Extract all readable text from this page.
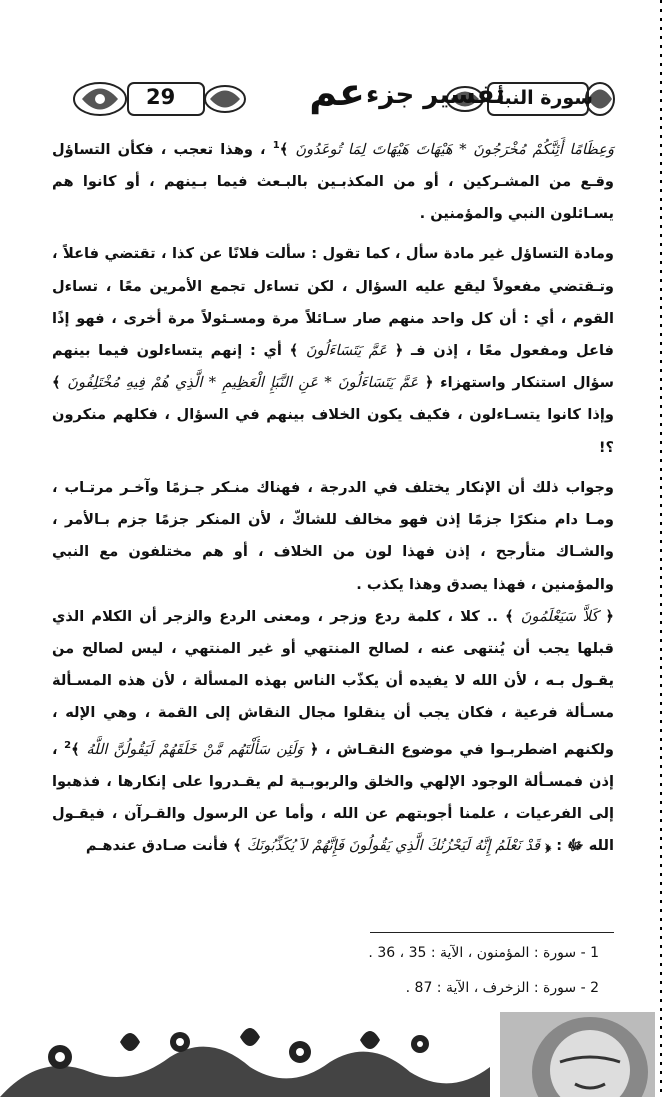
سورة النبأ
تفسير جزء
عم
29

وَعِظَامًا أَئِنَّكُمْ مُخْرَجُونَ * هَيْهَاتَ هَيْهَاتَ لِمَا تُوعَدُونَ ﴾$^1$ ، وهذا تعجب ، فكأن التساؤل وقـع من المشـركين ، أو من المكذبـين بالبـعث فيما بـينهم ، أو كانوا هم يسـائلون النبي والمؤمنين .

ومادة التساؤل غير مادة سأل ، كما تقول : سألت فلانًا عن كذا ، تقتضي فاعلاً ، وتـقتضي مفعولاً ليقع عليه السؤال ، لكن تساءل تجمع الأمرين معًا ، تساءل القوم ، أي : أن كل واحد منهم صار سـائلاً مرة ومسـئولاً مرة أخرى ، فهو إذًا فاعل ومفعول معًا ، إذن فـ ﴿ عَمَّ يَتَسَاءَلُونَ ﴾ أي : إنهم يتساءلون فيما بينهم سؤال استنكار واستهزاء ﴿ عَمَّ يَتَسَاءَلُونَ * عَنِ النَّبَإِ الْعَظِيمِ * الَّذِي هُمْ فِيهِ مُخْتَلِفُونَ ﴾ وإذا كانوا يتسـاءلون ، فكيف يكون الخلاف بينهم في السؤال ، فكلهم منكرون ؟!

وجواب ذلك أن الإنكار يختلف في الدرجة ، فهناك منـكر جـزمًا وآخـر مرتـاب ، ومـا دام منكرًا جزمًا إذن فهو مخالف للشاكّ ، لأن المنكر جزمًا جزم بـالأمر ، والشـاك متأرجح ، إذن فهذا لون من الخلاف ، أو هم مختلفون مع النبي والمؤمنين ، فهذا يصدق وهذا يكذب .

﴿ كَلاَّ سَيَعْلَمُونَ ﴾ .. كلا ، كلمة ردع وزجر ، ومعنى الردع والزجر أن الكلام الذي قبلها يجب أن يُنتهى عنه ، لصالح المنتهي أو غير المنتهي ، ليس لصالح من يقـول بـه ، لأن الله لا يفيده أن يكذّب الناس بهذه المسألة ، لأن هذه المسـألة مسـألة فرعية ، فكان يجب أن ينقلوا مجال النقاش إلى القمة ، وهي الإله ، ولكنهم اضطربـوا في موضوع النقـاش ، ﴿ وَلَئِن سَأَلْتَهُم مَّنْ خَلَقَهُمْ لَيَقُولُنَّ اللَّهُ ﴾$^2$ ، إذن فمسـألة الوجود الإلهي والخلق والربوبـية لم يقـدروا على إنكارها ، فذهبوا إلى الفرعيات ، علمنا أجوبتهم عن الله ، وأما عن الرسول والقـرآن ، فيقـول الله ﷻ : ﴿ قَدْ نَعْلَمُ إِنَّهُ لَيَحْزُنُكَ الَّذِي يَقُولُونَ فَإِنَّهُمْ لاَ يُكَذِّبُونَكَ ﴾ فأنت صـادق عندهـم

1 - سورة : المؤمنون ، الآية : 35 ، 36 .
2 - سورة : الزخرف ، الآية : 87 .
